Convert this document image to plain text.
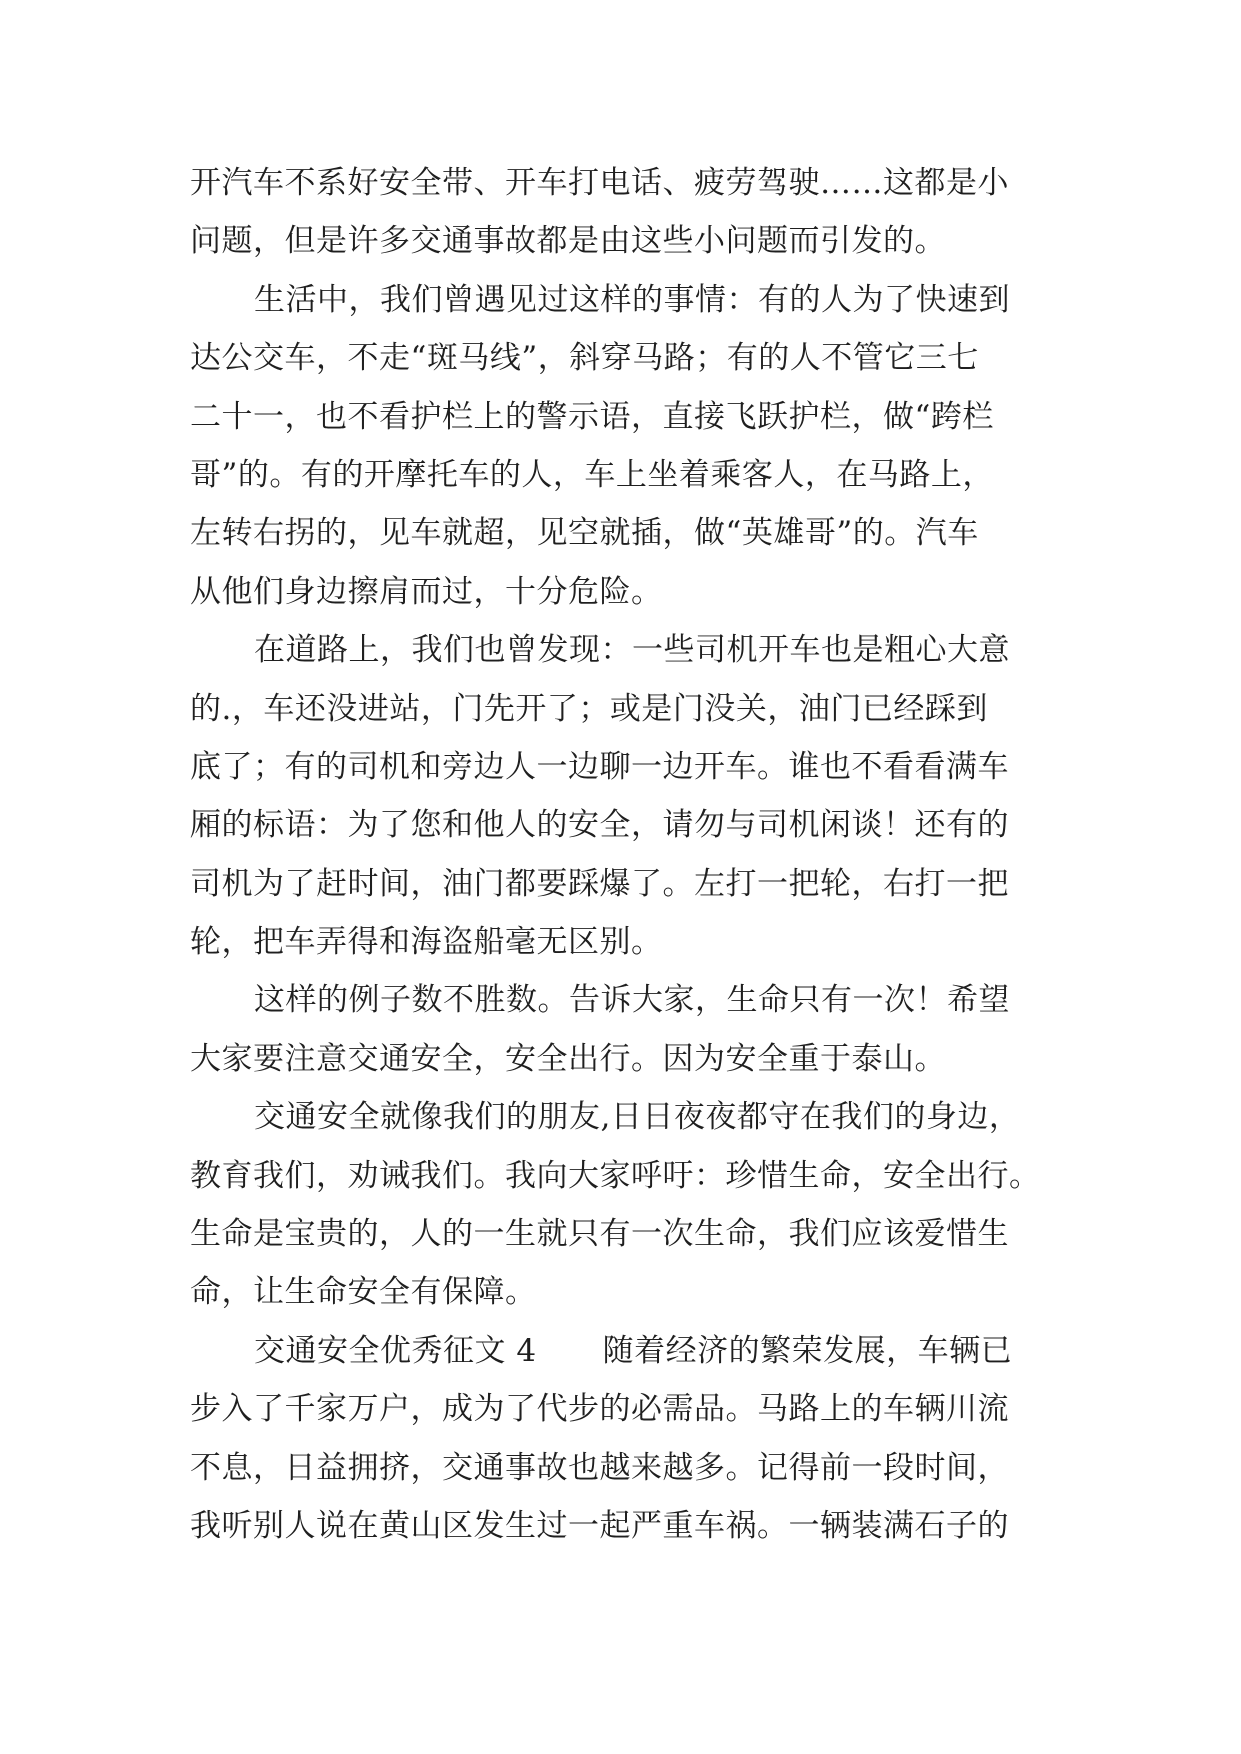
开汽车不系好安全带、开车打电话、疲劳驾驶……这都是小
问题，但是许多交通事故都是由这些小问题而引发的。
生活中，我们曾遇见过这样的事情：有的人为了快速到
达公交车，不走“斑马线”，斜穿马路；有的人不管它三七
二十一，也不看护栏上的警示语，直接飞跃护栏，做“跨栏
哥”的。有的开摩托车的人，车上坐着乘客人，在马路上，
左转右拐的，见车就超，见空就插，做“英雄哥”的。汽车
从他们身边擦肩而过，十分危险。
在道路上，我们也曾发现：一些司机开车也是粗心大意
的.，车还没进站，门先开了；或是门没关，油门已经踩到
底了；有的司机和旁边人一边聊一边开车。谁也不看看满车
厢的标语：为了您和他人的安全，请勿与司机闲谈！还有的
司机为了赶时间，油门都要踩爆了。左打一把轮，右打一把
轮，把车弄得和海盗船毫无区别。
这样的例子数不胜数。告诉大家，生命只有一次！希望
大家要注意交通安全，安全出行。因为安全重于泰山。
交通安全就像我们的朋友,日日夜夜都守在我们的身边，
教育我们，劝诫我们。我向大家呼吁：珍惜生命，安全出行。
生命是宝贵的，人的一生就只有一次生命，我们应该爱惜生
命，让生命安全有保障。
交通安全优秀征文 4 随着经济的繁荣发展，车辆已
步入了千家万户，成为了代步的必需品。马路上的车辆川流
不息，日益拥挤，交通事故也越来越多。记得前一段时间，
我听别人说在黄山区发生过一起严重车祸。一辆装满石子的
